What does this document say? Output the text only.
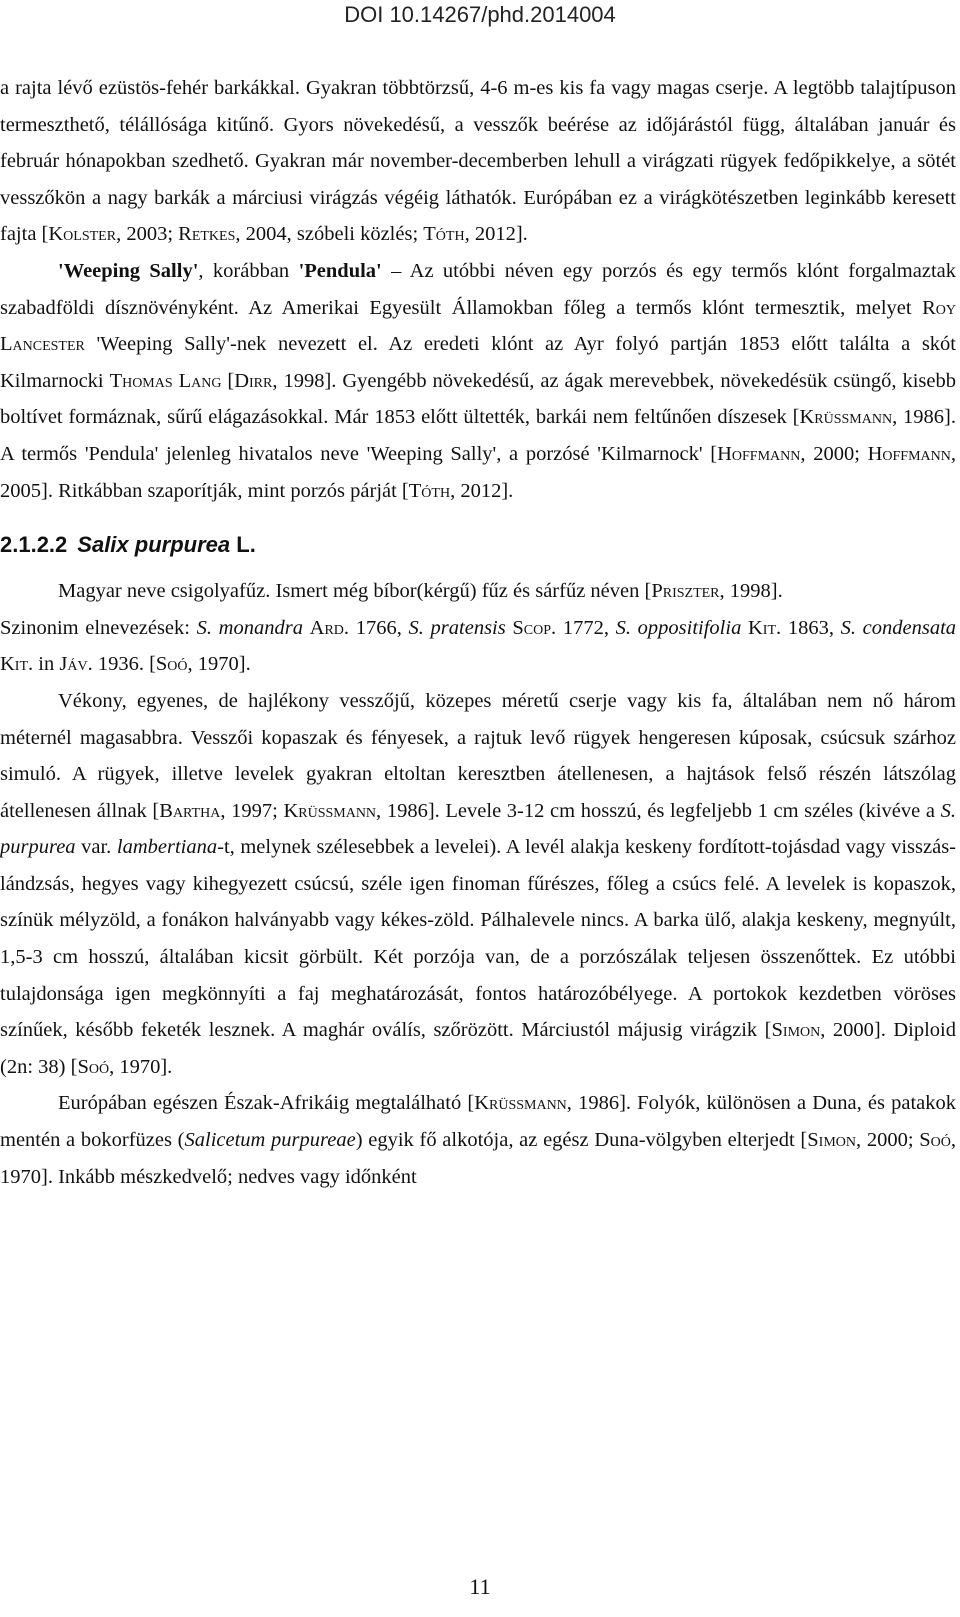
DOI 10.14267/phd.2014004

a rajta lévő ezüstös-fehér barkákkal. Gyakran többtörzsű, 4-6 m-es kis fa vagy magas cserje. A legtöbb talajtípuson termeszthető, télállósága kitűnő. Gyors növekedésű, a vesszők beérése az időjárástól függ, általában január és február hónapokban szedhető. Gyakran már november-decemberben lehull a virágzati rügyek fedőpikkelye, a sötét vesszőkön a nagy barkák a márciusi virágzás végéig láthatók. Európában ez a virágkötészetben leginkább keresett fajta [Kolster, 2003; Retkes, 2004, szóbeli közlés; Tóth, 2012].

'Weeping Sally', korábban 'Pendula' – Az utóbbi néven egy porzós és egy termős klónt forgalmaztak szabadföldi dísznövényként. Az Amerikai Egyesült Államokban főleg a termős klónt termesztik, melyet Roy Lancester 'Weeping Sally'-nek nevezett el. Az eredeti klónt az Ayr folyó partján 1853 előtt találta a skót Kilmarnocki Thomas Lang [Dirr, 1998]. Gyengébb növekedésű, az ágak merevebbek, növekedésük csüngő, kisebb boltívet formáznak, sűrű elágazásokkal. Már 1853 előtt ültették, barkái nem feltűnően díszesek [Krüssmann, 1986]. A termős 'Pendula' jelenleg hivatalos neve 'Weeping Sally', a porzósé 'Kilmarnock' [Hoffmann, 2000; Hoffmann, 2005]. Ritkábban szaporítják, mint porzós párját [Tóth, 2012].

2.1.2.2 Salix purpurea L.

Magyar neve csigolyafűz. Ismert még bíbor(kérgű) fűz és sárfűz néven [Priszter, 1998].

Szinonim elnevezések: S. monandra Ard. 1766, S. pratensis Scop. 1772, S. oppositifolia Kit. 1863, S. condensata Kit. in Jáv. 1936. [Soó, 1970].

Vékony, egyenes, de hajlékony vesszőjű, közepes méretű cserje vagy kis fa, általában nem nő három méternél magasabbra. Vesszői kopaszak és fényesek, a rajtuk levő rügyek hengeresen kúposak, csúcsuk szárhoz simuló. A rügyek, illetve levelek gyakran eltoltan keresztben átellenesen, a hajtások felső részén látszólag átellenesen állnak [Bartha, 1997; Krüssmann, 1986]. Levele 3-12 cm hosszú, és legfeljebb 1 cm széles (kivéve a S. purpurea var. lambertiana-t, melynek szélesebbek a levelei). A levél alakja keskeny fordított-tojásdad vagy visszás-lándzsás, hegyes vagy kihegyezett csúcsú, széle igen finoman fűrészes, főleg a csúcs felé. A levelek is kopaszok, színük mélyzöld, a fonákon halványabb vagy kékes-zöld. Pálhalevele nincs. A barka ülő, alakja keskeny, megnyúlt, 1,5-3 cm hosszú, általában kicsit görbült. Két porzója van, de a porzószálak teljesen összenőttek. Ez utóbbi tulajdonsága igen megkönnyíti a faj meghatározását, fontos határozóbélyege. A portokok kezdetben vöröses színűek, később feketék lesznek. A maghár oválís, szőrözött. Márciustól májusig virágzik [Simon, 2000]. Diploid (2n: 38) [Soó, 1970].

Európában egészen Észak-Afrikáig megtalálható [Krüssmann, 1986]. Folyók, különösen a Duna, és patakok mentén a bokorfüzes (Salicetum purpureae) egyik fő alkotója, az egész Duna-völgyben elterjedt [Simon, 2000; Soó, 1970]. Inkább mészkedvelő; nedves vagy időnként

11
